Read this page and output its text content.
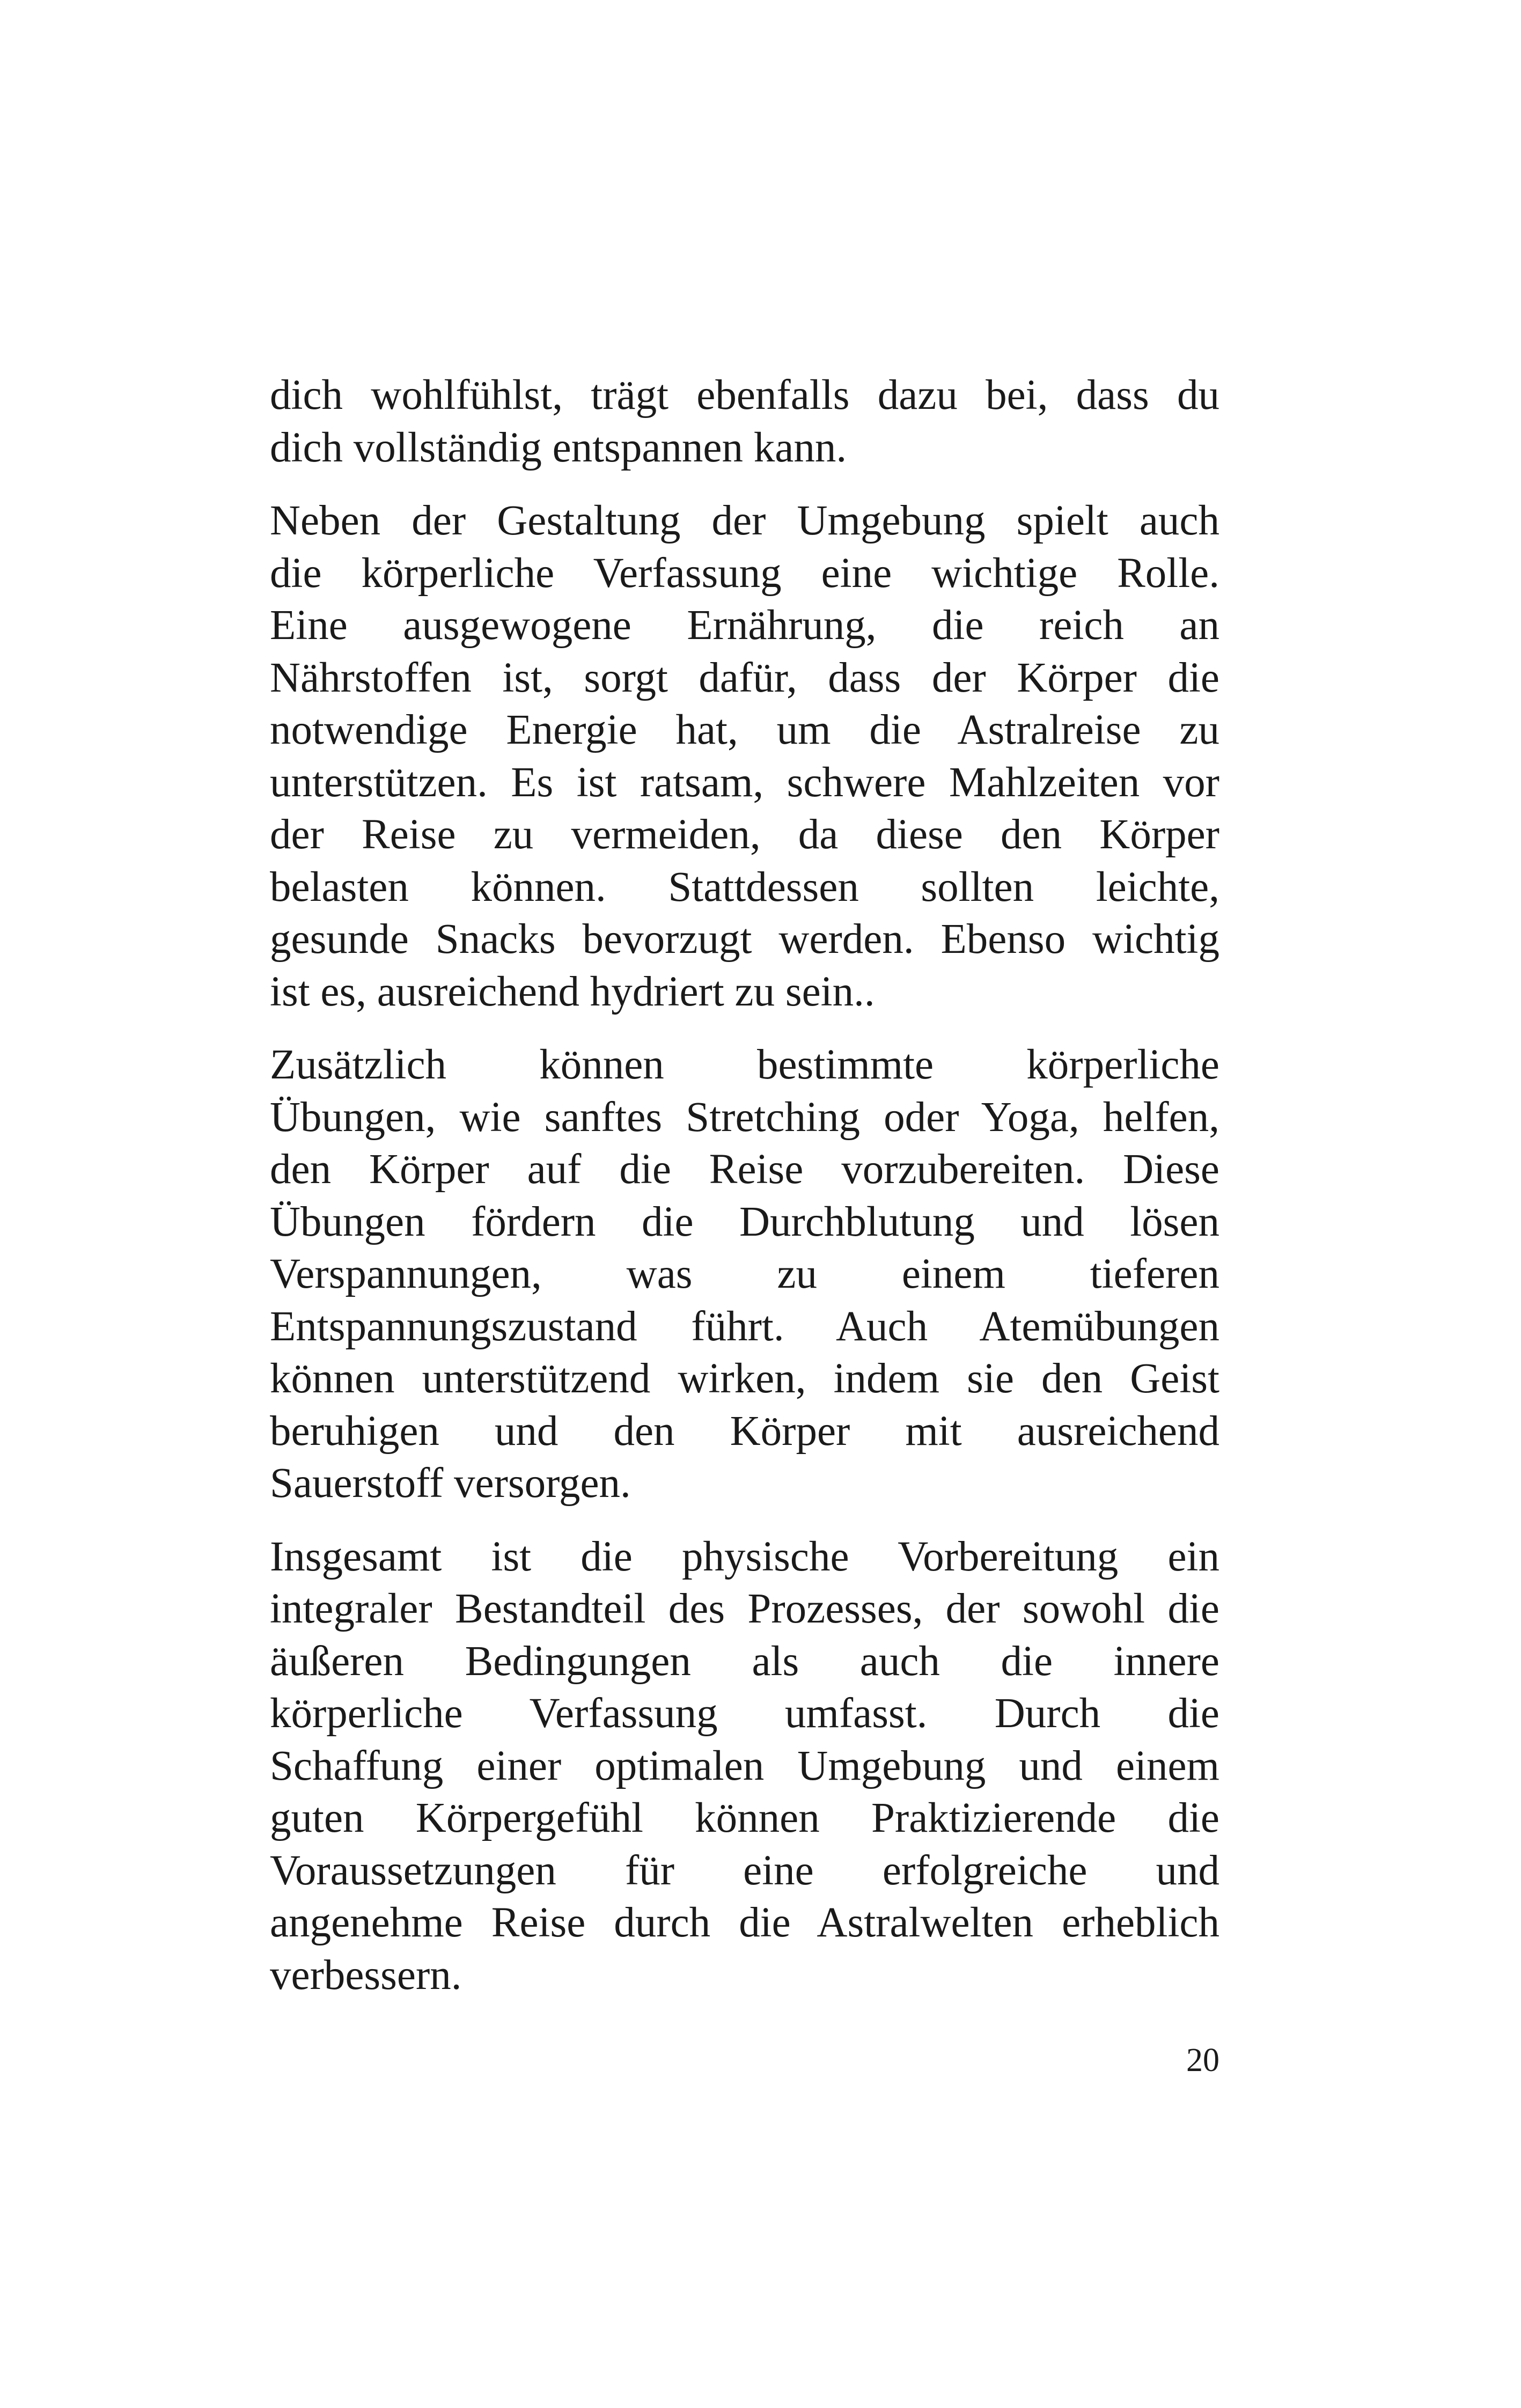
dich wohlfühlst, trägt ebenfalls dazu bei, dass du
dich vollständig entspannen kann.
Neben der Gestaltung der Umgebung spielt auch
die körperliche Verfassung eine wichtige Rolle.
Eine ausgewogene Ernährung, die reich an
Nährstoffen ist, sorgt dafür, dass der Körper die
notwendige Energie hat, um die Astralreise zu
unterstützen. Es ist ratsam, schwere Mahlzeiten vor
der Reise zu vermeiden, da diese den Körper
belasten können. Stattdessen sollten leichte,
gesunde Snacks bevorzugt werden. Ebenso wichtig
ist es, ausreichend hydriert zu sein..
Zusätzlich können bestimmte körperliche
Übungen, wie sanftes Stretching oder Yoga, helfen,
den Körper auf die Reise vorzubereiten. Diese
Übungen fördern die Durchblutung und lösen
Verspannungen, was zu einem tieferen
Entspannungszustand führt. Auch Atemübungen
können unterstützend wirken, indem sie den Geist
beruhigen und den Körper mit ausreichend
Sauerstoff versorgen.
Insgesamt ist die physische Vorbereitung ein
integraler Bestandteil des Prozesses, der sowohl die
äußeren Bedingungen als auch die innere
körperliche Verfassung umfasst. Durch die
Schaffung einer optimalen Umgebung und einem
guten Körpergefühl können Praktizierende die
Voraussetzungen für eine erfolgreiche und
angenehme Reise durch die Astralwelten erheblich
verbessern.
20
